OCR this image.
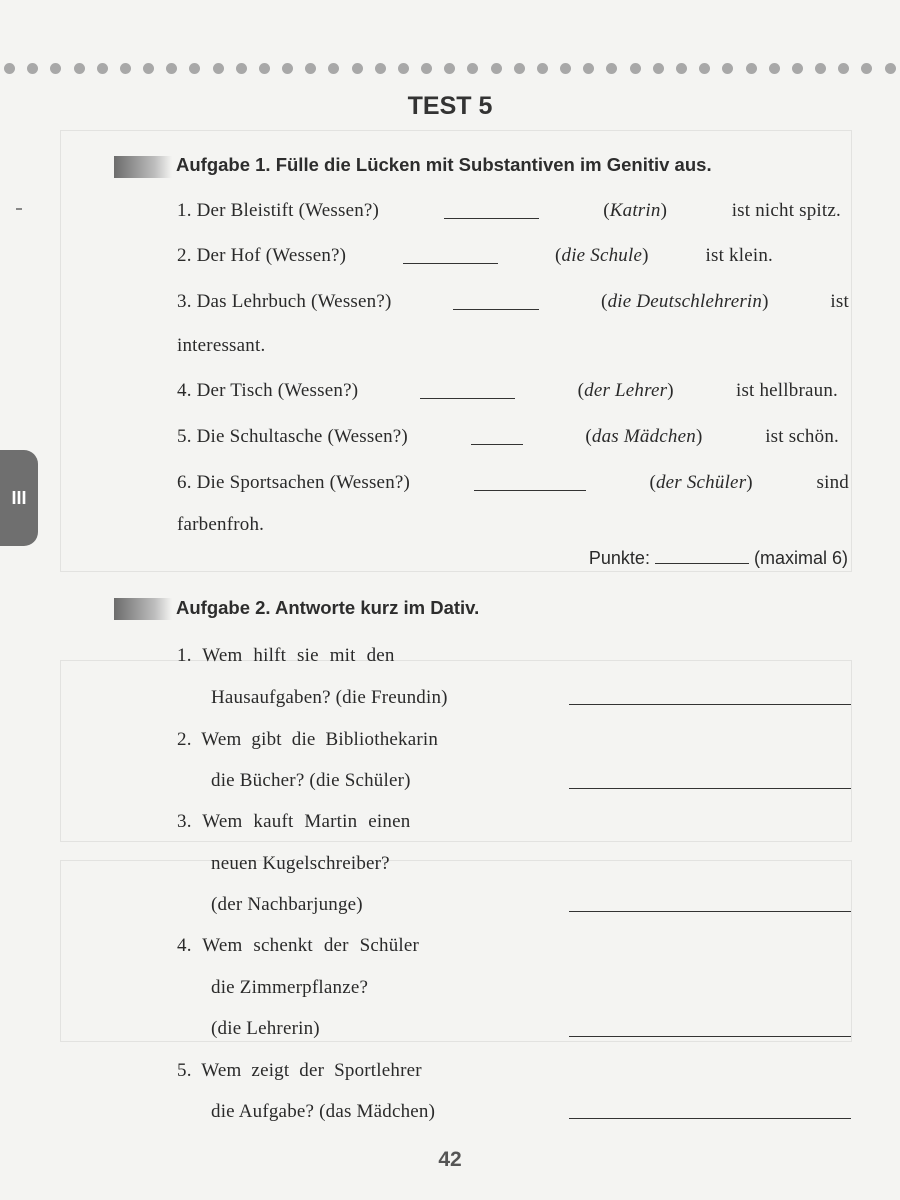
TEST 5
III
Aufgabe 1. Fülle die Lücken mit Substantiven im Genitiv aus.
1. Der Bleistift (Wessen?)	(Katrin)	ist nicht spitz.
2. Der Hof (Wessen?)	(die Schule)	ist klein.
3. Das Lehrbuch (Wessen?)	(die Deutschlehrerin)	ist
interessant.
4. Der Tisch (Wessen?)	(der Lehrer)	ist hellbraun.
5. Die Schultasche (Wessen?)	(das Mädchen)	ist schön.
6. Die Sportsachen (Wessen?)	(der Schüler)	sind
farbenfroh.
Punkte:	(maximal 6)
Aufgabe 2. Antworte kurz im Dativ.
1. Wem hilft sie mit den
Hausaufgaben? (die Freundin)
2. Wem gibt die Bibliothekarin
die Bücher? (die Schüler)
3. Wem kauft Martin einen
neuen Kugelschreiber?
(der Nachbarjunge)
4. Wem schenkt der Schüler
die Zimmerpflanze?
(die Lehrerin)
5. Wem zeigt der Sportlehrer
die Aufgabe? (das Mädchen)
42
